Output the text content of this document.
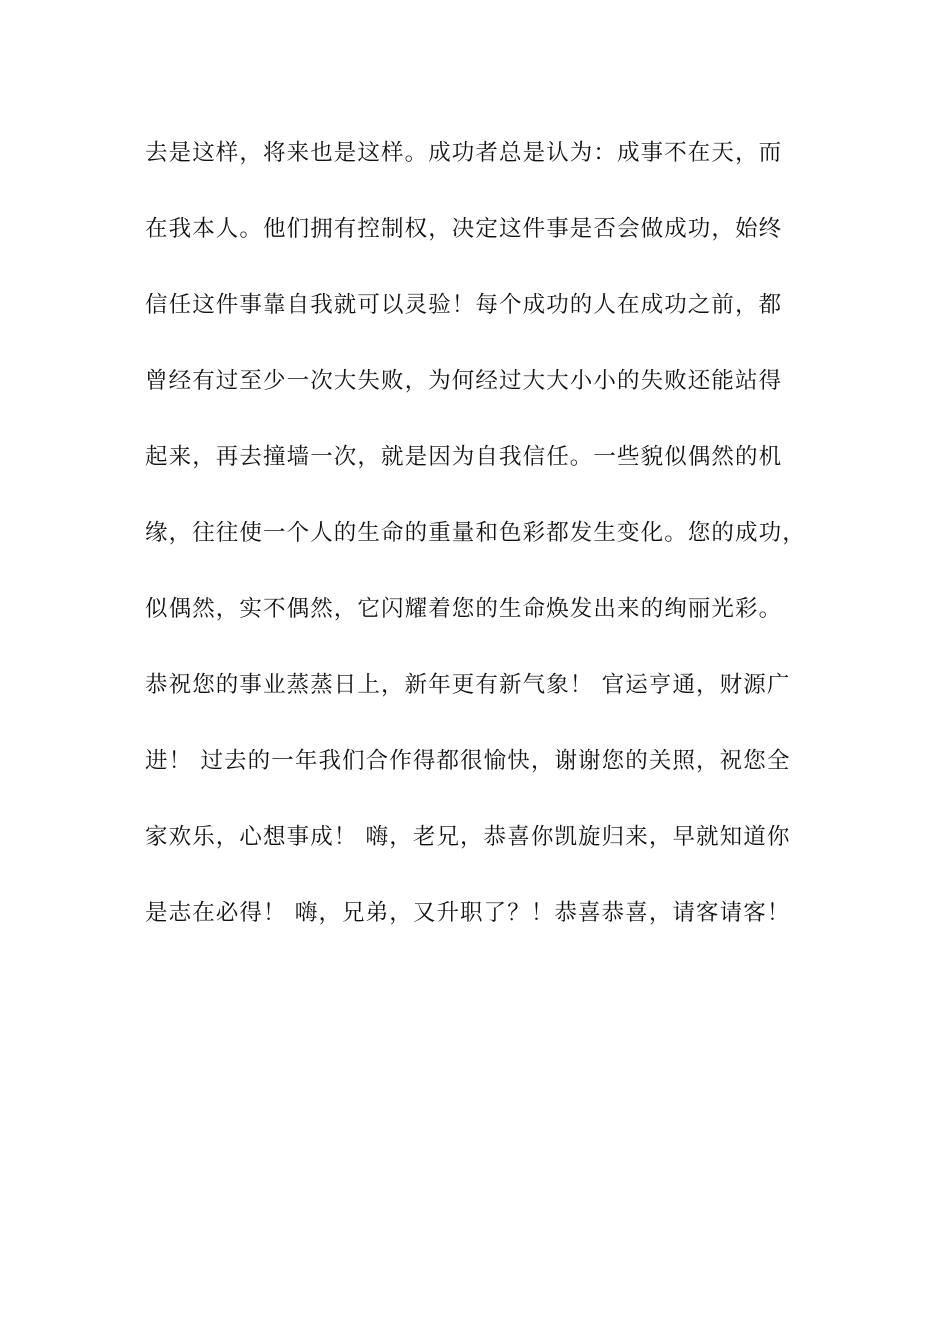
去是这样，将来也是这样。成功者总是认为：成事不在天，而
在我本人。他们拥有控制权，决定这件事是否会做成功，始终
信任这件事靠自我就可以灵验！每个成功的人在成功之前，都
曾经有过至少一次大失败，为何经过大大小小的失败还能站得
起来，再去撞墙一次，就是因为自我信任。一些貌似偶然的机
缘，往往使一个人的生命的重量和色彩都发生变化。您的成功，
似偶然，实不偶然，它闪耀着您的生命焕发出来的绚丽光彩。
恭祝您的事业蒸蒸日上，新年更有新气象！ 官运亨通，财源广
进！ 过去的一年我们合作得都很愉快，谢谢您的关照，祝您全
家欢乐，心想事成！ 嗨，老兄，恭喜你凯旋归来，早就知道你
是志在必得！ 嗨，兄弟，又升职了？！恭喜恭喜，请客请客！
